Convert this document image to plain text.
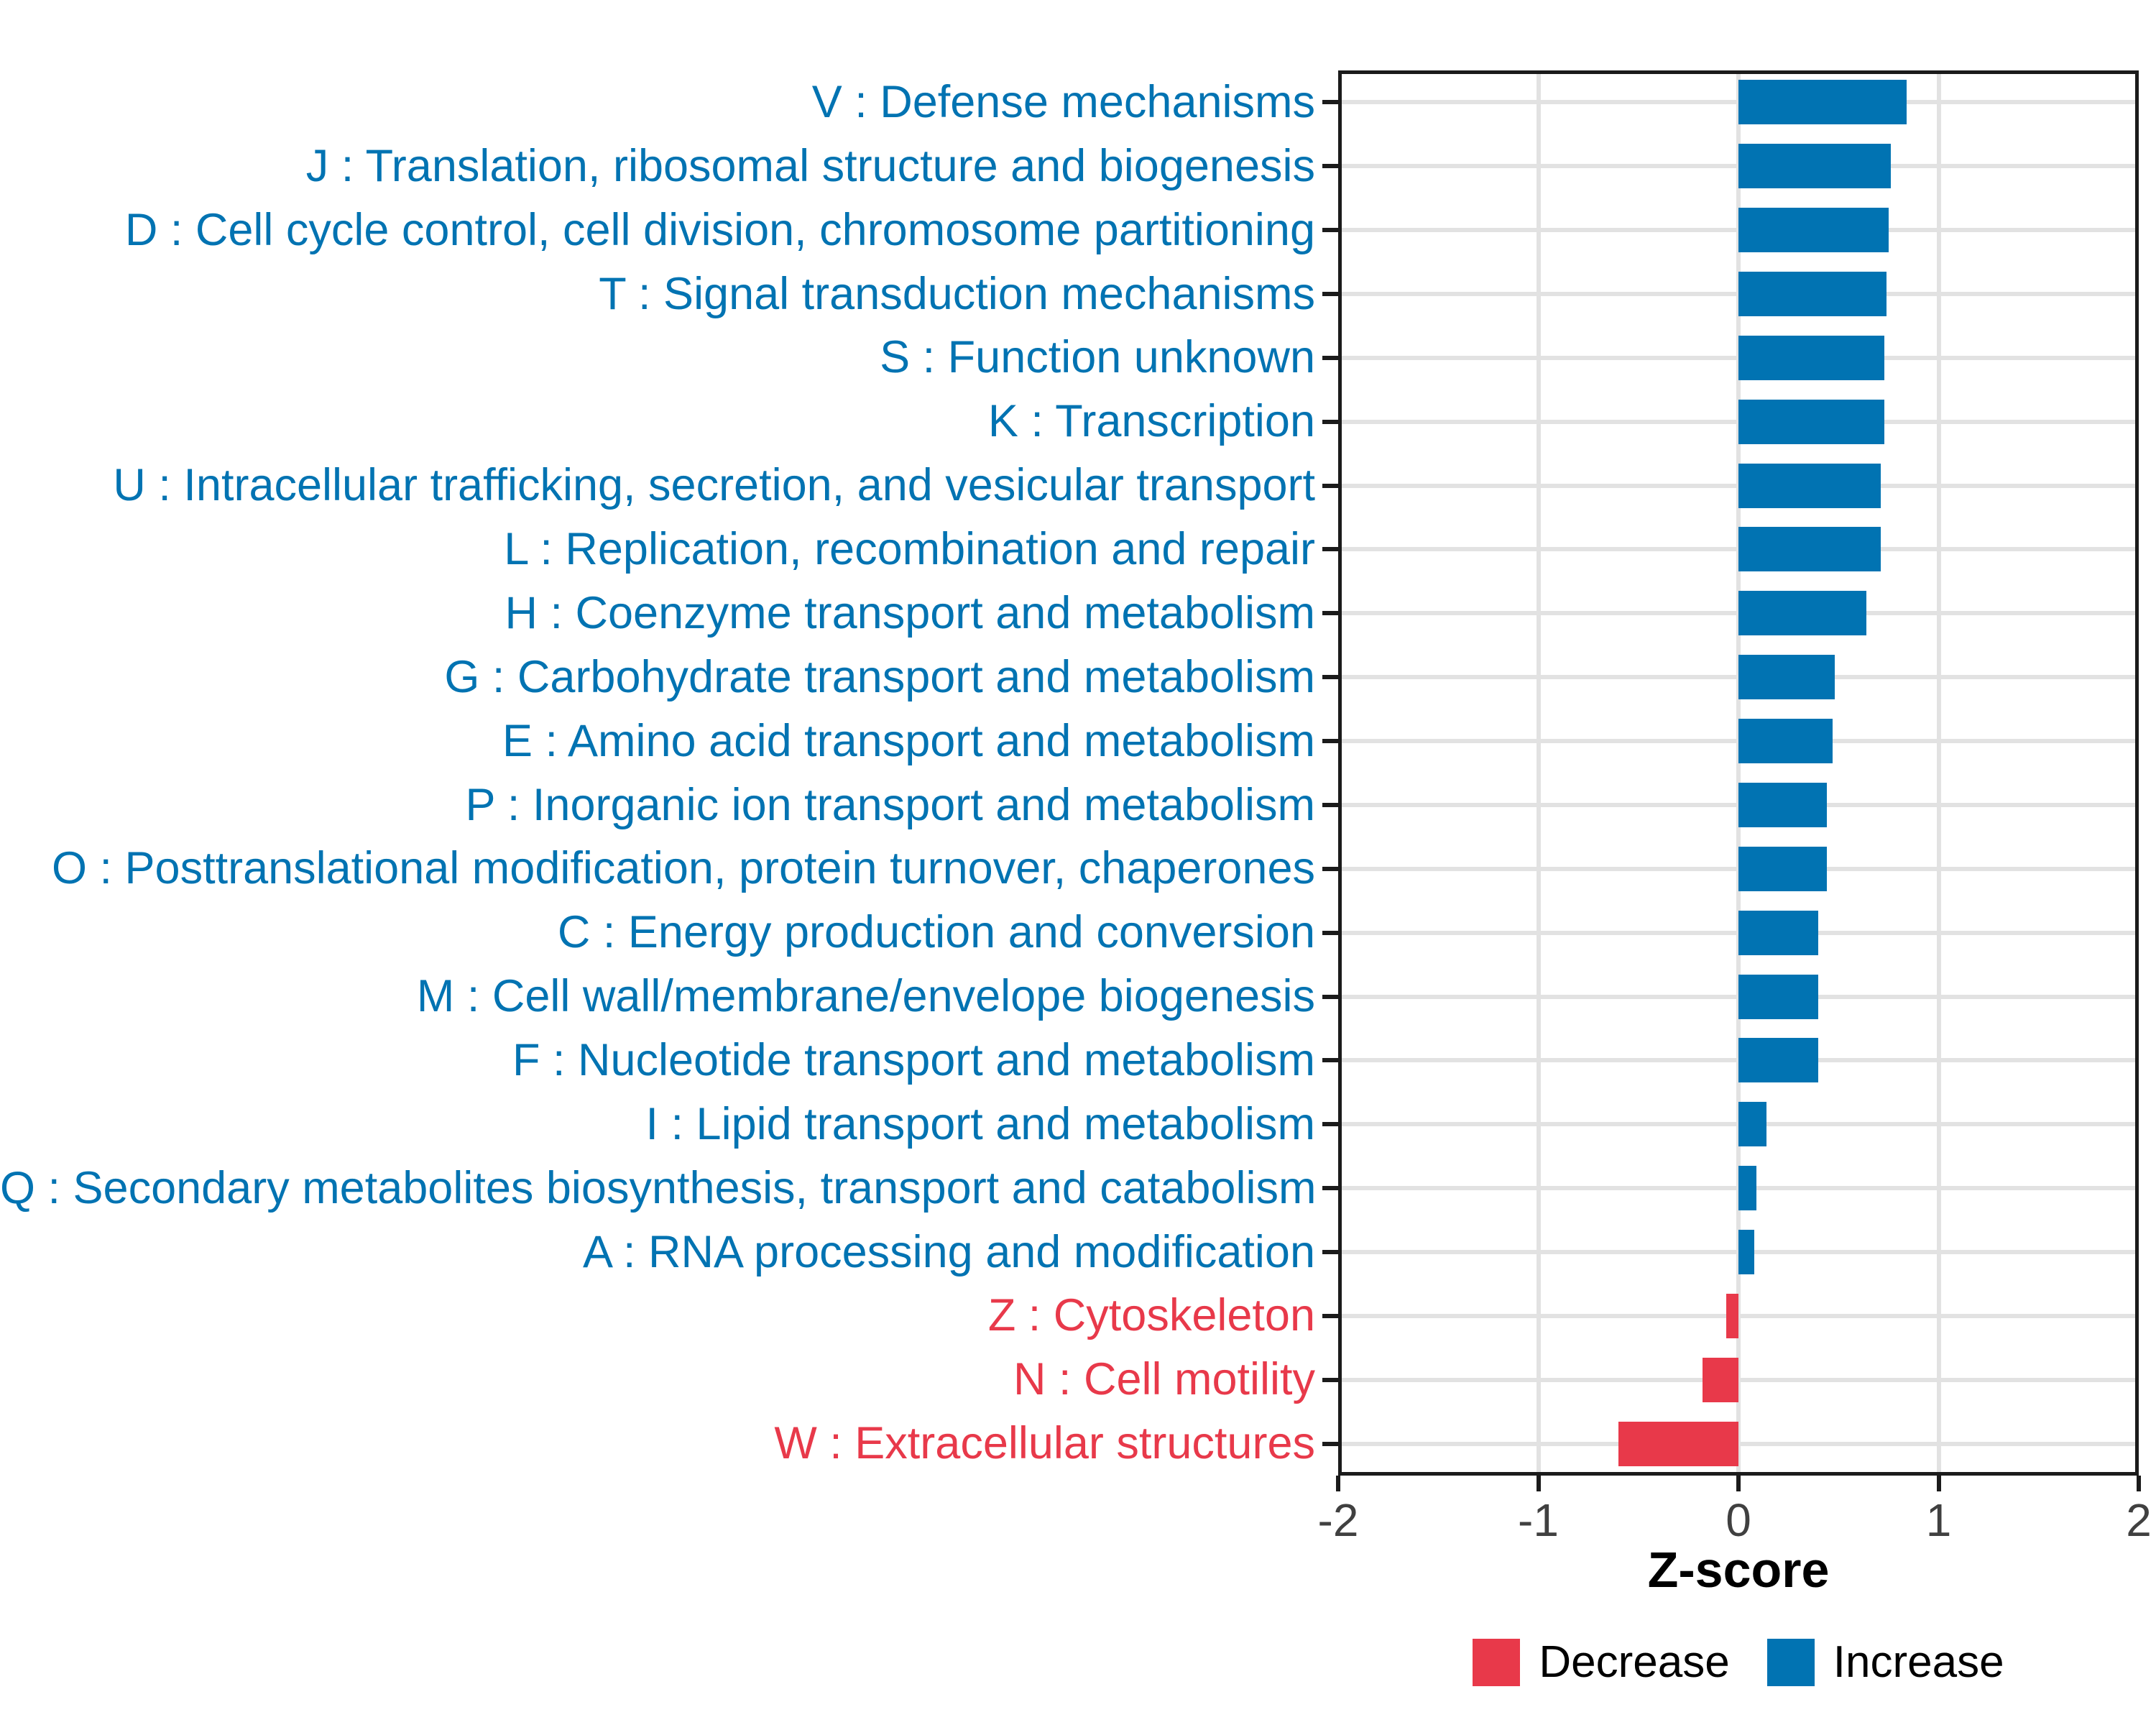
V : Defense mechanisms
J : Translation, ribosomal structure and biogenesis
D : Cell cycle control, cell division, chromosome partitioning
T : Signal transduction mechanisms
S : Function unknown
K : Transcription
U : Intracellular trafficking, secretion, and vesicular transport
L : Replication, recombination and repair
H : Coenzyme transport and metabolism
G : Carbohydrate transport and metabolism
E : Amino acid transport and metabolism
P : Inorganic ion transport and metabolism
O : Posttranslational modification, protein turnover, chaperones
C : Energy production and conversion
M : Cell wall/membrane/envelope biogenesis
F : Nucleotide transport and metabolism
I : Lipid transport and metabolism
Q : Secondary metabolites biosynthesis, transport and catabolism
A : RNA processing and modification
Z : Cytoskeleton
N : Cell motility
W : Extracellular structures
-2	-1	0	1	2
Z-score
Decrease Increase
